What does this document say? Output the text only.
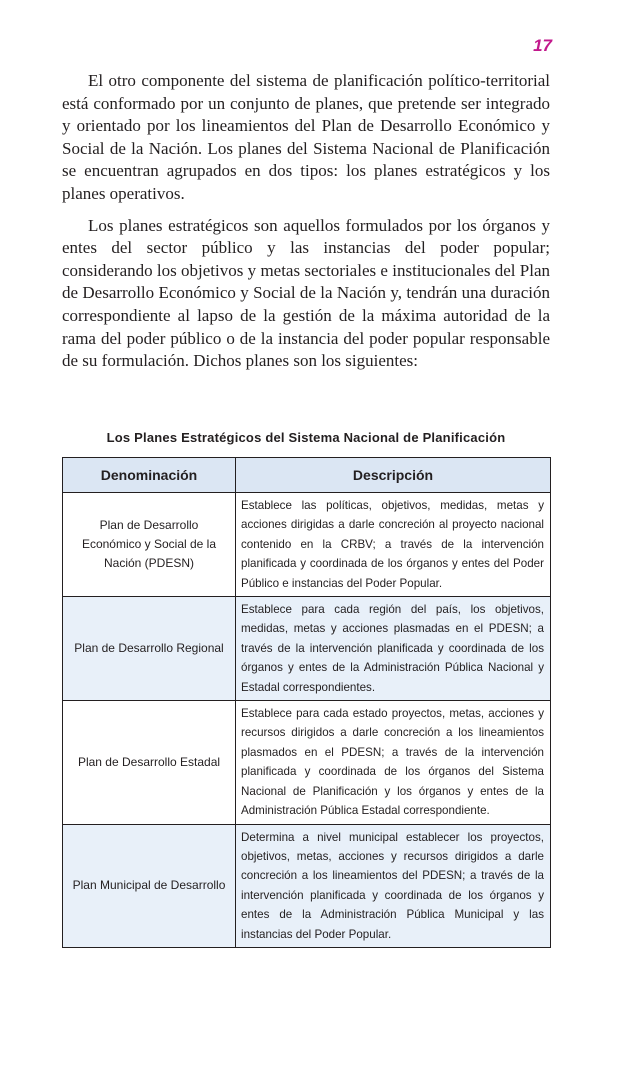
17

El otro componente del sistema de planificación político-territorial está conformado por un conjunto de planes, que pretende ser integrado y orientado por los lineamientos del Plan de Desarrollo Económico y Social de la Nación. Los planes del Sistema Nacional de Planificación se encuentran agrupados en dos tipos: los planes estratégicos y los planes operativos.

Los planes estratégicos son aquellos formulados por los órganos y entes del sector público y las instancias del poder popular; considerando los objetivos y metas sectoriales e institucionales del Plan de Desarrollo Económico y Social de la Nación y, tendrán una duración correspondiente al lapso de la gestión de la máxima autoridad de la rama del poder público o de la instancia del poder popular responsable de su formulación. Dichos planes son los siguientes:

Los Planes Estratégicos del Sistema Nacional de Planificación
Denominación	Descripción
Plan de Desarrollo Económico y Social de la Nación (PDESN)	Establece las políticas, objetivos, medidas, metas y acciones dirigidas a darle concreción al proyecto nacional contenido en la CRBV; a través de la intervención planificada y coordinada de los órganos y entes del Poder Público e instancias del Poder Popular.
Plan de Desarrollo Regional	Establece para cada región del país, los objetivos, medidas, metas y acciones plasmadas en el PDESN; a través de la intervención planificada y coordinada de los órganos y entes de la Administración Pública Nacional y Estadal correspondientes.
Plan de Desarrollo Estadal	Establece para cada estado proyectos, metas, acciones y recursos dirigidos a darle concreción a los lineamientos plasmados en el PDESN; a través de la intervención planificada y coordinada de los órganos del Sistema Nacional de Planificación y los órganos y entes de la Administración Pública Estadal correspondiente.
Plan Municipal de Desarrollo	Determina a nivel municipal establecer los proyectos, objetivos, metas, acciones y recursos dirigidos a darle concreción a los lineamientos del PDESN; a través de la intervención planificada y coordinada de los órganos y entes de la Administración Pública Municipal y las instancias del Poder Popular.
